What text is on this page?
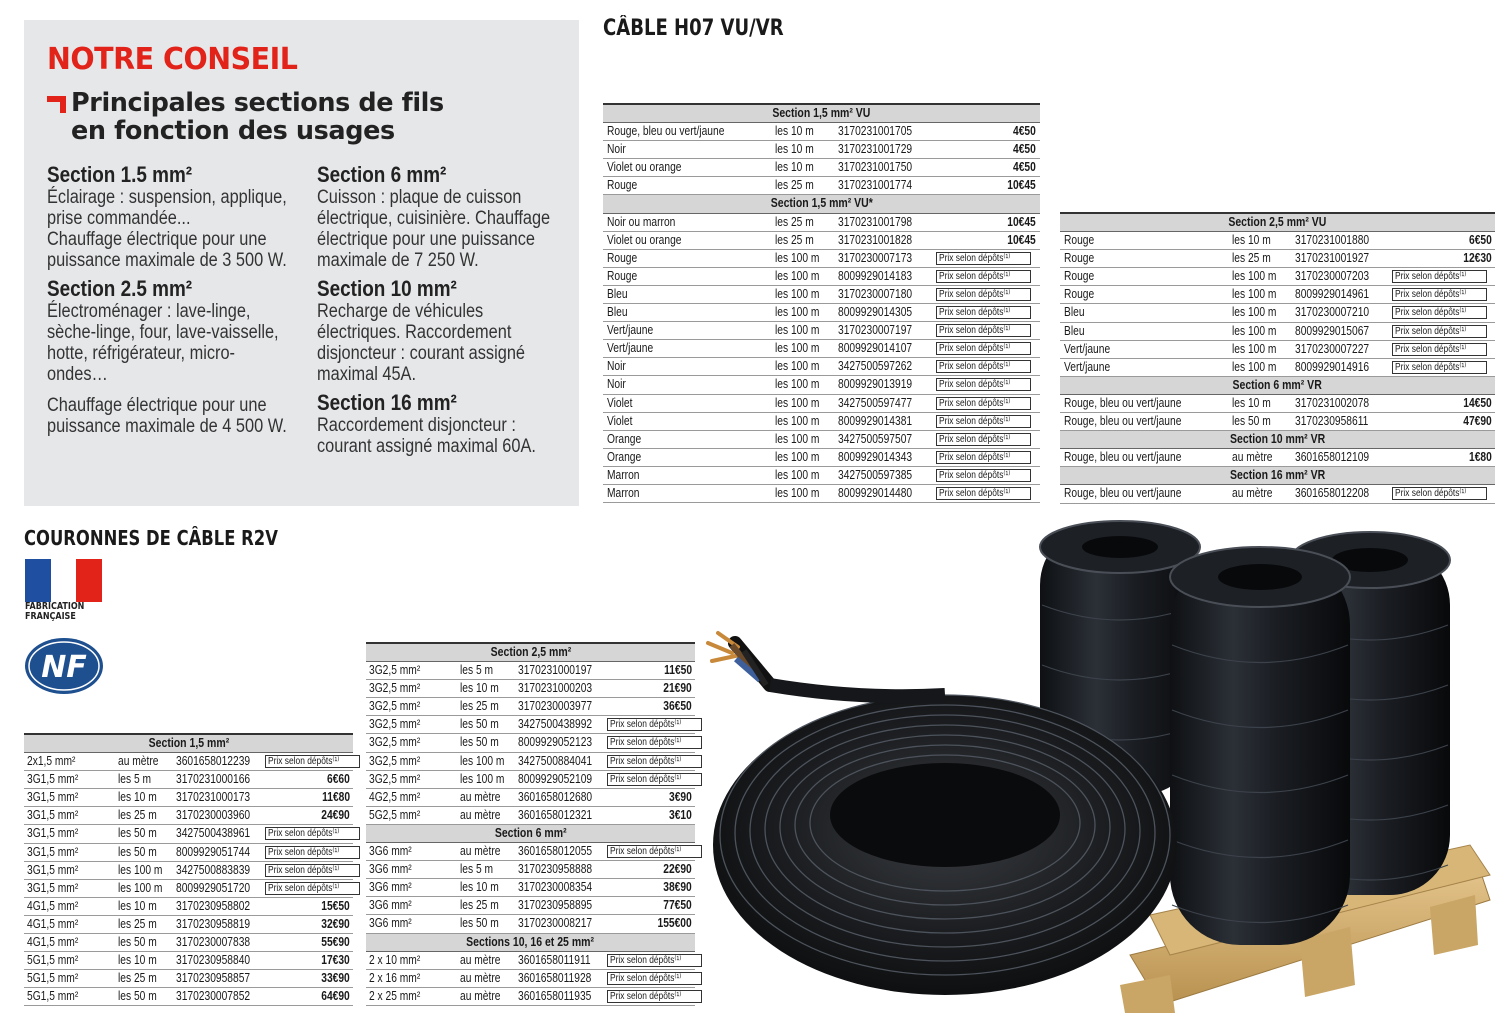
NOTRE CONSEIL
Principales sections de fils
en fonction des usages
Section 1.5 mm²
Éclairage : suspension, applique,
prise commandée...
Chauffage électrique pour une
puissance maximale de 3 500 W.
Section 2.5 mm²
Électroménager : lave-linge,
sèche-linge, four, lave-vaisselle,
hotte, réfrigérateur, micro-
ondes…
Chauffage électrique pour une
puissance maximale de 4 500 W.
Section 6 mm²
Cuisson : plaque de cuisson
électrique, cuisinière. Chauffage
électrique pour une puissance
maximale de 7 250 W.
Section 10 mm²
Recharge de véhicules
électriques. Raccordement
disjoncteur : courant assigné
maximal 45A.
Section 16 mm²
Raccordement disjoncteur :
courant assigné maximal 60A.
CÂBLE H07 VU/VR
COURONNES DE CÂBLE R2V
FABRICATION
FRANÇAISE
NF
Section 1,5 mm² VU
Rouge, bleu ou vert/jaune	les 10 m 3170231001705	4€50
Noir	les 10 m 3170231001729	4€50
Violet ou orange	les 10 m 3170231001750	4€50
Rouge	les 25 m 3170231001774	10€45
Section 1,5 mm² VU*
Noir ou marron	les 25 m 3170231001798	10€45
Violet ou orange	les 25 m 3170231001828	10€45
Rouge	les 100 m 3170230007173	Prix selon dépôts⁽¹⁾
Rouge	les 100 m 8009929014183	Prix selon dépôts⁽¹⁾
Bleu	les 100 m 3170230007180	Prix selon dépôts⁽¹⁾
Bleu	les 100 m 8009929014305	Prix selon dépôts⁽¹⁾
Vert/jaune	les 100 m 3170230007197	Prix selon dépôts⁽¹⁾
Vert/jaune	les 100 m 8009929014107	Prix selon dépôts⁽¹⁾
Noir	les 100 m 3427500597262	Prix selon dépôts⁽¹⁾
Noir	les 100 m 8009929013919	Prix selon dépôts⁽¹⁾
Violet	les 100 m 3427500597477	Prix selon dépôts⁽¹⁾
Violet	les 100 m 8009929014381	Prix selon dépôts⁽¹⁾
Orange	les 100 m 3427500597507	Prix selon dépôts⁽¹⁾
Orange	les 100 m 8009929014343	Prix selon dépôts⁽¹⁾
Marron	les 100 m 3427500597385	Prix selon dépôts⁽¹⁾
Marron	les 100 m 8009929014480	Prix selon dépôts⁽¹⁾
Section 2,5 mm² VU
Rouge	les 10 m 3170231001880	6€50
Rouge	les 25 m 3170231001927	12€30
Rouge	les 100 m 3170230007203 Prix selon dépôts⁽¹⁾
Rouge	les 100 m 8009929014961 Prix selon dépôts⁽¹⁾
Bleu	les 100 m 3170230007210 Prix selon dépôts⁽¹⁾
Bleu	les 100 m 8009929015067 Prix selon dépôts⁽¹⁾
Vert/jaune	les 100 m 3170230007227 Prix selon dépôts⁽¹⁾
Vert/jaune	les 100 m 8009929014916 Prix selon dépôts⁽¹⁾
Section 6 mm² VR
Rouge, bleu ou vert/jaune	les 10 m 3170231002078	14€50
Rouge, bleu ou vert/jaune	les 50 m 3170230958611	47€90
Section 10 mm² VR
Rouge, bleu ou vert/jaune	au mètre 3601658012109	1€80
Section 16 mm² VR
Rouge, bleu ou vert/jaune	au mètre 3601658012208 Prix selon dépôts⁽¹⁾
Section 1,5 mm²
2x1,5 mm²	au mètre 3601658012239 Prix selon dépôts⁽¹⁾
3G1,5 mm²	les 5 m 3170231000166	6€60
3G1,5 mm²	les 10 m 3170231000173	11€80
3G1,5 mm²	les 25 m 3170230003960	24€90
3G1,5 mm²	les 50 m 3427500438961 Prix selon dépôts⁽¹⁾
3G1,5 mm²	les 50 m 8009929051744 Prix selon dépôts⁽¹⁾
3G1,5 mm²	les 100 m 3427500883839 Prix selon dépôts⁽¹⁾
3G1,5 mm²	les 100 m 8009929051720 Prix selon dépôts⁽¹⁾
4G1,5 mm²	les 10 m 3170230958802	15€50
4G1,5 mm²	les 25 m 3170230958819	32€90
4G1,5 mm²	les 50 m 3170230007838	55€90
5G1,5 mm²	les 10 m 3170230958840	17€30
5G1,5 mm²	les 25 m 3170230958857	33€90
5G1,5 mm²	les 50 m 3170230007852	64€90
Section 2,5 mm²
3G2,5 mm²	les 5 m 3170231000197	11€50
3G2,5 mm²	les 10 m 3170231000203	21€90
3G2,5 mm²	les 25 m 3170230003977	36€50
3G2,5 mm²	les 50 m 3427500438992 Prix selon dépôts⁽¹⁾
3G2,5 mm²	les 50 m 8009929052123 Prix selon dépôts⁽¹⁾
3G2,5 mm²	les 100 m 3427500884041 Prix selon dépôts⁽¹⁾
3G2,5 mm²	les 100 m 8009929052109 Prix selon dépôts⁽¹⁾
4G2,5 mm²	au mètre 3601658012680	3€90
5G2,5 mm²	au mètre 3601658012321	3€10
Section 6 mm²
3G6 mm²	au mètre 3601658012055 Prix selon dépôts⁽¹⁾
3G6 mm²	les 5 m 3170230958888	22€90
3G6 mm²	les 10 m 3170230008354	38€90
3G6 mm²	les 25 m 3170230958895	77€50
3G6 mm²	les 50 m 3170230008217	155€00
Sections 10, 16 et 25 mm²
2 x 10 mm²	au mètre 3601658011911 Prix selon dépôts⁽¹⁾
2 x 16 mm²	au mètre 3601658011928 Prix selon dépôts⁽¹⁾
2 x 25 mm²	au mètre 3601658011935 Prix selon dépôts⁽¹⁾
